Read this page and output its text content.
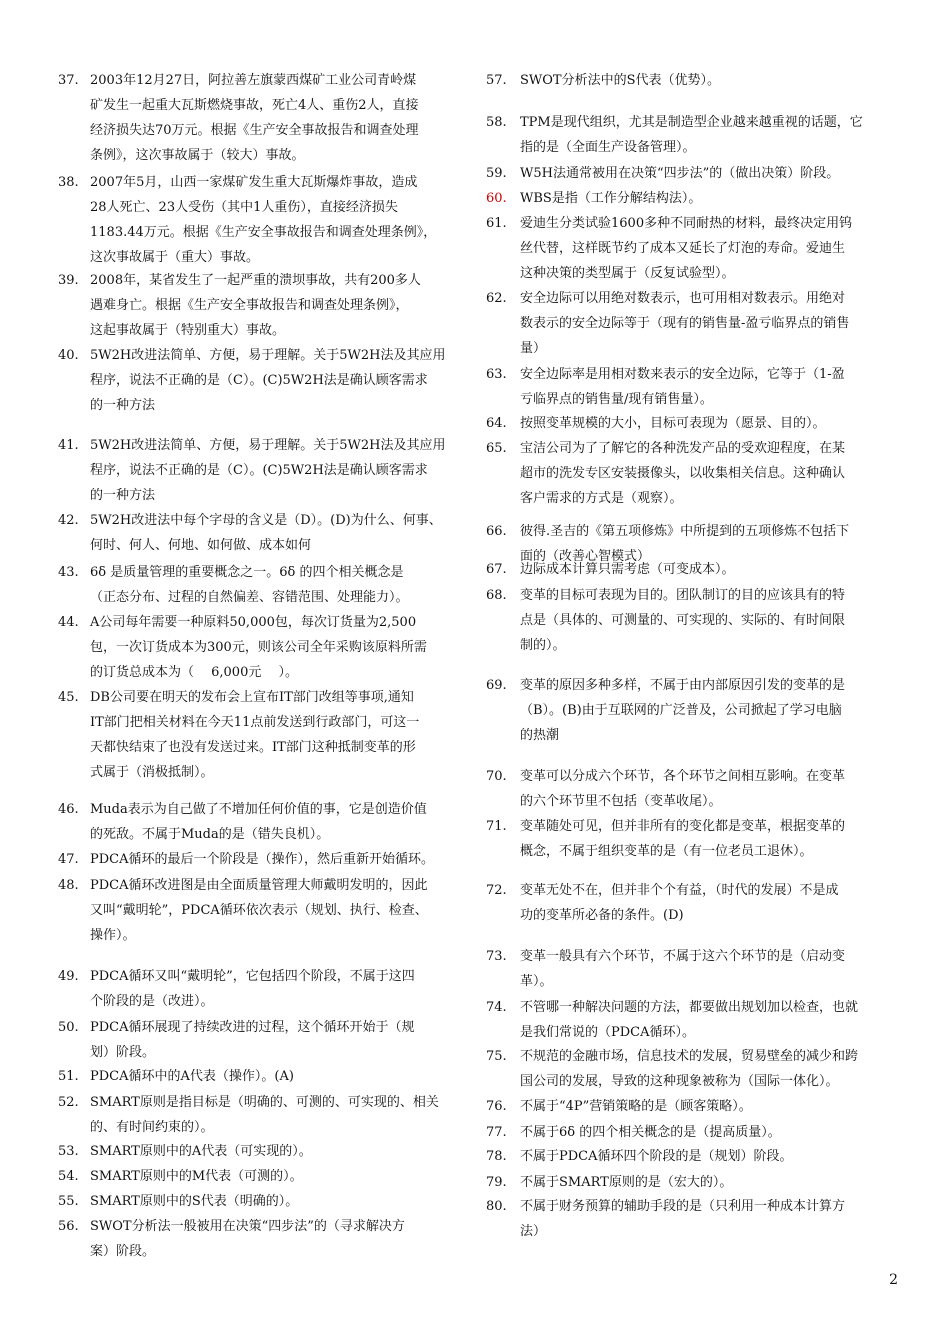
37. 2003年12月27日，阿拉善左旗蒙西煤矿工业公司青岭煤
矿发生一起重大瓦斯燃烧事故，死亡4人、重伤2人，直接
经济损失达70万元。根据《生产安全事故报告和调查处理
条例》，这次事故属于（较大）事故。
38. 2007年5月，山西一家煤矿发生重大瓦斯爆炸事故，造成
28人死亡、23人受伤（其中1人重伤），直接经济损失
1183.44万元。根据《生产安全事故报告和调查处理条例》，
这次事故属于（重大）事故。
39. 2008年，某省发生了一起严重的溃坝事故，共有200多人
遇难身亡。根据《生产安全事故报告和调查处理条例》，
这起事故属于（特别重大）事故。
40. 5W2H改进法简单、方便，易于理解。关于5W2H法及其应用
程序，说法不正确的是（C）。(C)5W2H法是确认顾客需求
的一种方法
41. 5W2H改进法简单、方便，易于理解。关于5W2H法及其应用
程序，说法不正确的是（C）。(C)5W2H法是确认顾客需求
的一种方法
42. 5W2H改进法中每个字母的含义是（D）。(D)为什么、何事、
何时、何人、何地、如何做、成本如何
43. 6δ 是质量管理的重要概念之一。6δ 的四个相关概念是
（正态分布、过程的自然偏差、容错范围、处理能力）。
44. A公司每年需要一种原料50,000包，每次订货量为2,500
包，一次订货成本为300元，则该公司全年采购该原料所需
的订货总成本为（　 6,000元　 ）。
45. DB公司要在明天的发布会上宣布IT部门改组等事项,通知
IT部门把相关材料在今天11点前发送到行政部门，可这一
天都快结束了也没有发送过来。IT部门这种抵制变革的形
式属于（消极抵制）。
46. Muda表示为自己做了不增加任何价值的事，它是创造价值
的死敌。不属于Muda的是（错失良机）。
47. PDCA循环的最后一个阶段是（操作），然后重新开始循环。
48. PDCA循环改进图是由全面质量管理大师戴明发明的，因此
又叫“戴明轮”，PDCA循环依次表示（规划、执行、检查、
操作）。
49. PDCA循环又叫“戴明轮”，它包括四个阶段，不属于这四
个阶段的是（改进）。
50. PDCA循环展现了持续改进的过程，这个循环开始于（规
划）阶段。
51. PDCA循环中的A代表（操作）。(A)
52. SMART原则是指目标是（明确的、可测的、可实现的、相关
的、有时间约束的）。
53. SMART原则中的A代表（可实现的）。
54. SMART原则中的M代表（可测的）。
55. SMART原则中的S代表（明确的）。
56. SWOT分析法一般被用在决策“四步法”的（寻求解决方
案）阶段。
57. SWOT分析法中的S代表（优势）。
58. TPM是现代组织，尤其是制造型企业越来越重视的话题，它
指的是（全面生产设备管理）。
59. W5H法通常被用在决策“四步法”的（做出决策）阶段。
60. WBS是指（工作分解结构法）。
61. 爱迪生分类试验1600多种不同耐热的材料，最终决定用钨
丝代替，这样既节约了成本又延长了灯泡的寿命。爱迪生
这种决策的类型属于（反复试验型）。
62. 安全边际可以用绝对数表示，也可用相对数表示。用绝对
数表示的安全边际等于（现有的销售量-盈亏临界点的销售
量）
63. 安全边际率是用相对数来表示的安全边际，它等于（1-盈
亏临界点的销售量/现有销售量）。
64. 按照变革规模的大小，目标可表现为（愿景、目的）。
65. 宝洁公司为了了解它的各种洗发产品的受欢迎程度，在某
超市的洗发专区安装摄像头，以收集相关信息。这种确认
客户需求的方式是（观察）。
66. 彼得.圣吉的《第五项修炼》中所提到的五项修炼不包括下
面的（改善心智模式）
67. 边际成本计算只需考虑（可变成本）。
68. 变革的目标可表现为目的。团队制订的目的应该具有的特
点是（具体的、可测量的、可实现的、实际的、有时间限
制的）。
69. 变革的原因多种多样，不属于由内部原因引发的变革的是
（B）。(B)由于互联网的广泛普及，公司掀起了学习电脑
的热潮
70. 变革可以分成六个环节，各个环节之间相互影响。在变革
的六个环节里不包括（变革收尾）。
71. 变革随处可见，但并非所有的变化都是变革，根据变革的
概念，不属于组织变革的是（有一位老员工退休）。
72. 变革无处不在，但并非个个有益，（时代的发展）不是成
功的变革所必备的条件。(D)
73. 变革一般具有六个环节，不属于这六个环节的是（启动变
革）。
74. 不管哪一种解决问题的方法，都要做出规划加以检查，也就
是我们常说的（PDCA循环）。
75. 不规范的金融市场，信息技术的发展，贸易壁垒的减少和跨
国公司的发展，导致的这种现象被称为（国际一体化）。
76. 不属于“4P”营销策略的是（顾客策略）。
77. 不属于6δ 的四个相关概念的是（提高质量）。
78. 不属于PDCA循环四个阶段的是（规划）阶段。
79. 不属于SMART原则的是（宏大的）。
80. 不属于财务预算的辅助手段的是（只利用一种成本计算方
法）
2
